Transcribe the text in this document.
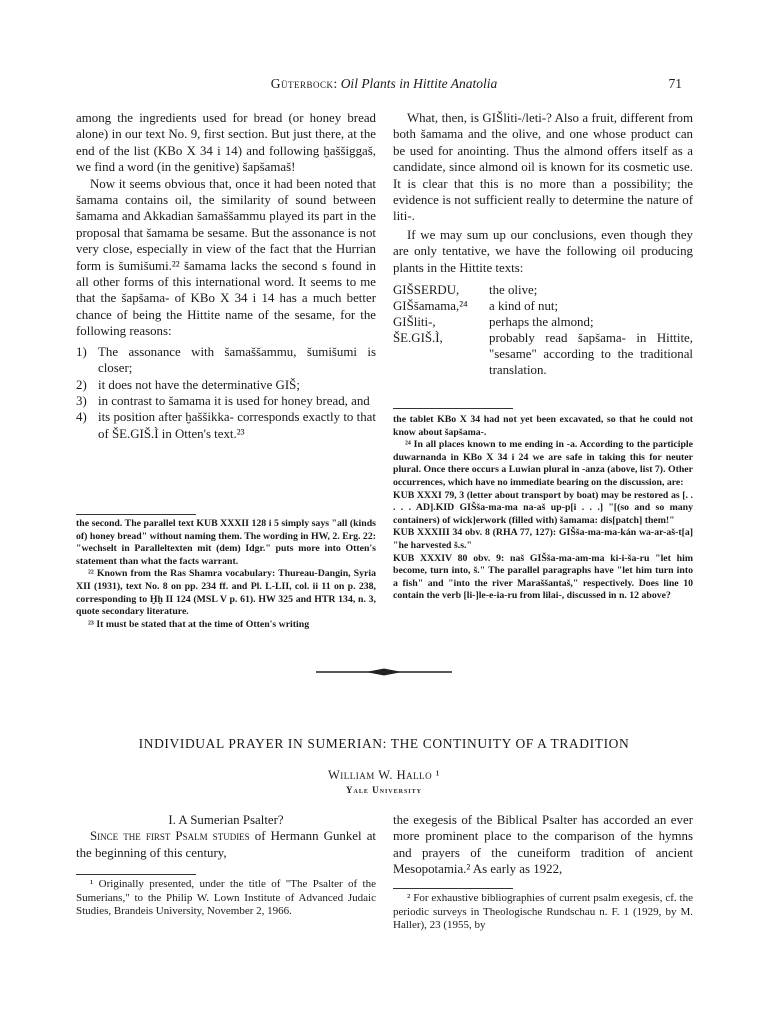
Güterbock: Oil Plants in Hittite Anatolia	71

among the ingredients used for bread (or honey bread alone) in our text No. 9, first section. But just there, at the end of the list (KBo X 34 i 14) and following ḫaššiggaš, we find a word (in the genitive) šapšamaš!

Now it seems obvious that, once it had been noted that šamama contains oil, the similarity of sound between šamama and Akkadian šamaššammu played its part in the proposal that šamama be sesame. But the assonance is not very close, especially in view of the fact that the Hurrian form is šumišumi.²² šamama lacks the second s found in all other forms of this international word. It seems to me that the šapšama- of KBo X 34 i 14 has a much better chance of being the Hittite name of the sesame, for the following reasons:

1) The assonance with šamaššammu, šumišumi is closer;
2) it does not have the determinative GIŠ;
3) in contrast to šamama it is used for honey bread, and
4) its position after ḫaššikka- corresponds exactly to that of ŠE.GIŠ.Ì in Otten's text.²³

the second. The parallel text KUB XXXII 128 i 5 simply says "all (kinds of) honey bread" without naming them. The wording in HW, 2. Erg. 22: "wechselt in Paralleltexten mit (dem) Idgr." puts more into Otten's statement than what the facts warrant.

²² Known from the Ras Shamra vocabulary: Thureau-Dangin, Syria XII (1931), text No. 8 on pp. 234 ff. and Pl. L-LII, col. ii 11 on p. 238, corresponding to Ḫḫ II 124 (MSL V p. 61). HW 325 and HTR 134, n. 3, quote secondary literature.

²³ It must be stated that at the time of Otten's writing

What, then, is GIŠliti-/leti-? Also a fruit, different from both šamama and the olive, and one whose product can be used for anointing. Thus the almond offers itself as a candidate, since almond oil is known for its cosmetic use. It is clear that this is no more than a possibility; the evidence is not sufficient really to determine the nature of liti-.

If we may sum up our conclusions, even though they are only tentative, we have the following oil producing plants in the Hittite texts:

GIŠSERDU,	the olive;
GIŠšamama,²⁴	a kind of nut;
GIŠliti-,	perhaps the almond;
ŠE.GIŠ.Ì,	probably read šapšama- in Hittite, "sesame" according to the traditional translation.

the tablet KBo X 34 had not yet been excavated, so that he could not know about šapšama-.

²⁴ In all places known to me ending in -a. According to the participle duwarnanda in KBo X 34 i 24 we are safe in taking this for neuter plural. Once there occurs a Luwian plural in -anza (above, list 7). Other occurrences, which have no immediate bearing on the discussion, are:

KUB XXXI 79, 3 (letter about transport by boat) may be restored as [. . . . . AD].KID GIŠša-ma-ma na-aš up-p[i . . .] "[(so and so many containers) of wick]erwork (filled with) šamama: dis[patch] them!"

KUB XXXIII 34 obv. 8 (RHA 77, 127): GIŠša-ma-ma-kán wa-ar-aš-t[a] "he harvested š.s."

KUB XXXIV 80 obv. 9: naš GIŠša-ma-am-ma ki-i-ša-ru "let him become, turn into, š." The parallel paragraphs have "let him turn into a fish" and "into the river Maraššantaš," respectively. Does line 10 contain the verb [li-]le-e-ia-ru from lilai-, discussed in n. 12 above?

INDIVIDUAL PRAYER IN SUMERIAN: THE CONTINUITY OF A TRADITION
William W. Hallo ¹
Yale University

I. A Sumerian Psalter?

Since the first Psalm studies of Hermann Gunkel at the beginning of this century,

the exegesis of the Biblical Psalter has accorded an ever more prominent place to the comparison of the hymns and prayers of the cuneiform tradition of ancient Mesopotamia.² As early as 1922,

¹ Originally presented, under the title of "The Psalter of the Sumerians," to the Philip W. Lown Institute of Advanced Judaic Studies, Brandeis University, November 2, 1966.

² For exhaustive bibliographies of current psalm exegesis, cf. the periodic surveys in Theologische Rundschau n. F. 1 (1929, by M. Haller), 23 (1955, by
